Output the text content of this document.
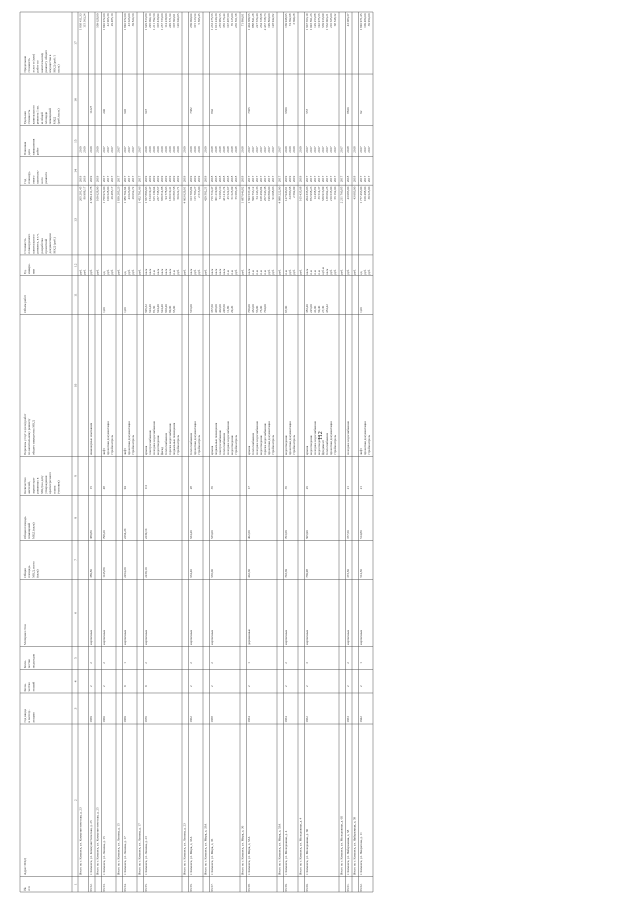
№ п/п
1
Адрес МКД
2
Год ввода в эксплу- атацию
3
Коли- чество этажей
4
Коли- чество подъездов	5
Материал стен
6
Общая площадь МКД, всего (кв.м)
7
Общая площадь помещений МКД (кв.м)
8
Количество жителей, зарегистри- рованных в МКД на дату утверждения краткосрочного плана (человек)
9
Перечень услуг и (или) работ по капитальному ремонту общего имущества МКД
10
Объем работ	11
Ед. измере- ния
12
Стоимость планируемого капитального ремонта, в т.ч. разработка проектной документации МКД (руб.)
13
Год планиру- емого капиталь- ного ремонта
14
Плановая дата завершения работ
15
Удельная стоимость капитального ремонта 1 кв. м общей площади помещений МКД (руб./кв.м.)
16
Предельная стоимость услуг и (или) работ по капитальному ремонту общего имущества в МКД (руб./1 кв.м.)
17
Итого по г. Кимовск, ул. Коммунистическая, д. 23
руб.
205 281,45
2019
2019
1 805 411,33
руб.
80 988,17
2019
2019
115 363,24
66.52.
г. Кимовск, ул. Коммунистическая, д. 25
1959
2
2
кирпичные
389,80
389,80
15
инженерные изыскания
руб.
4 589 411,78
2019
2019
11227
Итого по г. Кимовск, ул. Коммунистическая, д. 25
руб.
109 628,00
2019
2019
109 628,00
66.53.
г. Кимовск, ул. Ленина, д. 15
1960
2
2
кирпичные
1145,80
798,20
48
лифт
1,00
ед.
1 758 972,00
2017
2017
1 840 972,00
проектная документация
руб.
109 628,00
2017
2017
42 905,30
стройконтроль
руб.
29 485,17
2017
2017
29 485,10
240
Итого по г. Кимовск, ул. Ленина, д. 15
руб.
1 839 285,23
2017
2017
66.54.
г. Кимовск, ул. Ленина, д. 17
1969
9
1
кирпичные
2264,20
2264,20
94
лифт
1,00
ед.
1 380 702,94
2017
2017
1 840 972,00
проектная документация
руб.
43 026,00
2017
2017
43 026,00
стройконтроль
руб.
29 062,72
2017
2017
39 824,50
646
Итого по г. Кимовск, ул. Ленина, д. 17
руб.
1 452 791,66
2017
2017
66.55.
г. Кимовск, ул. Ленина, д. 23
1970
9
2
кирпичные
2239,10
2239,10
111
крыша
595,32
кв.м
1 657 896,93
2019
2019
1 629 813,80
электроснабжение
624,40
кв.м
154 019,47
2019
2019
295 094,10
холодное водоснабжение
81,60
п.м
615 139,04
2019
2019
1 211 792,50
водоотведение
624,40
кв.м
237 738,67
2019
2019
318 430,94
фасад
624,40
кв.м
659 814,88
2019
2019
1 257 733,00
теплоснабжение
603,40
кв.м
94 778,03
2019
2019
114 239,90
горячее водоснабжение
99,00
кв.м
139 019,41
2019
2019
249 571,64
подвальные помещения
65,00
п.м
316 897,58
2019
2019
318 693,91
стройконтроль
руб.
60 022,71
2019
2019
120 044,05
647
Итого по г. Кимовск, ул. Ленина, д. 23
руб.
4 603 029,01
2019
2019
66.56.
г. Кимовск, ул. Мира, д. 33А
1962
2
2
кирпичные
634,40
634,40
28
теплоснабжение
516,00
кв.м
313 706,84
2019
2019
269 090,04
проектная документация
руб.
115 706,27
2019
2019
315 123,54
стройконтроль
руб.
2 515,00
2019
2019
5 595,45
7382
Итого по г. Кимовск, ул. Мира, д. 33А
руб.
429 582,21
2019
2019
66.57.
г. Кимовск, ул. Мира, д. 36
1958
2
2
кирпичные
536,00
536,00
35
крыша
357,60
кв.м
716 710,47
2018
2018
1 233 275,56
подвальные помещения
405,00
кв.м
301 219,90
2018
2018
1 013 240,30
электроснабжение
402,00
кв.м
74 693,10
2018
2018
255 982,55
теплоснабжение
248,60
кв.м
431 411,74
2018
2018
356 176,44
холодное водоснабжение
11,80
п.м
45 522,07
2018
2018
107 487,00
водоотведение
29,20
п.м
61 625,09
2018
2018
70 125,00
стройконтроль
руб.
55 683,45
2018
2018
236 561,58
802
Итого по г. Кимовск, ул. Мира, д. 36
руб.
1 687 046,82
2018
2018
71 896,01
66.58.
г. Кимовск, ул. Мира, д. 53А
1954
2
1
деревянные
402,60
402,60
17
крыша
706,00
кв.м
1 593 537,44
2017
2017
1 404 389,55
теплоснабжение
452,00
п.м
599 753,12
2017
2017
888 841,28
холодное водоснабжение
56,00
п.м
54 143,36
2017
2017
227 674,40
водоотведение
75,00
п.м
108 460,84
2017
2017
264 728,68
горячее водоснабжение
704,00
п.м
267 643,38
2017
2017
2 437 728,73
проектная документация
руб.
199 800,00
2017
2017
199 800,00
стройконтроль
руб.
91 098,06
2017
2017
128 942,82
7365
Итого по г. Кимовск, ул. Мира, д. 53А
руб.
4 098 222,00
2017
2017
66.59.
г. Кимовск, ул. Молодежная, д. 4
1954
2
2
кирпичные
703,69
703,69
35
водоотведение
97,00
п.м
127 946,91
2019
2019
169 948,95
проектная документация
руб.
34 896,68
2019
2019
74 392,08
стройконтроль
руб.
2 592,09
2019
2019
3 699,28
6660
Итого по г. Кимовск, ул. Молодежная, д. 4
руб.
165 435,68
2019
2019
66.60.
г. Кимовск, ул. Молодежная, д. 6Б
1952
2
3
кирпичные
769,98
505,90
26
крыша
383,40
кв.м
204 335,06
2017
2017
1 607 653,19
водоотведение
225,00
п.м
872 968,23
2017
2017
1 093 591,26
холодное водоснабжение
41,00
п.м
14 468,82
2017
2017
129 253,88
водоотведение
59,40
п.м
36 514,37
2017
2017
192 975,56
фундамент
27,30
куб.м
539 916,99
2017
2017
539 916,99
теплоснабжение
454,42
кв.м
138 092,25
2017
2017
1 562 003,21
проектная документация
руб.
210 635,00
2017
2017
210 635,00
стройконтроль
руб.
65 162,00
2017
2017
68 548,32
557
Итого по г. Кимовск, ул. Молодежная, д. 6Б
руб.
2 211 760,85
2017
2017
66.61.
г. Кимовск, ул. Набережная, д. 58
1953
2
2
кирпичные
373,50
377,50
21
холодное водоснабжение
руб.
43 083,00
2018
2018
43 083,37
8820
Итого по г. Кимовск, ул. Набережная, д. 58
руб.
43 083,00
2018
2018
66.62.
г. Кимовск, ул. Некрасова, д. 11
1942
2
1
кирпичные
514,50
514,80
21
лифт
1,00
ед.
1 777 463,00
2017
2017
1 840 971,45
проектная документация
руб.
109 498,00
2017
2017
109 484,00
стройконтроль
руб.
39 625,00
2017
2017
39 954,00
92
112
